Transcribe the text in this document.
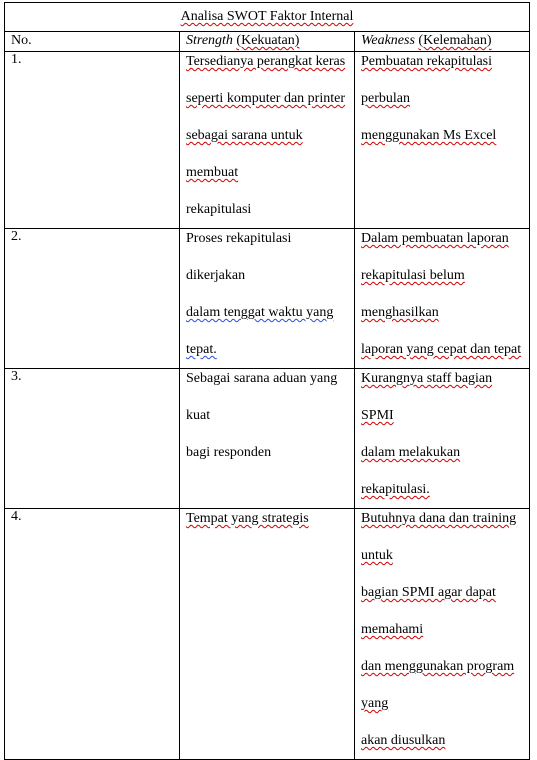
Analisa SWOT Faktor Internal		
No.	Strength (Kekuatan)	Weakness (Kelemahan)
1.	Tersedianya perangkat keras
seperti komputer dan printer
sebagai sarana untuk membuat
rekapitulasi	Pembuatan rekapitulasi perbulan
menggunakan Ms Excel

2.	Proses rekapitulasi dikerjakan
dalam tenggat waktu yang tepat.	Dalam pembuatan laporan
rekapitulasi belum menghasilkan
laporan yang cepat dan tepat

3.	Sebagai sarana aduan yang kuat
bagi responden	Kurangnya staff bagian SPMI
dalam melakukan rekapitulasi.

4.	Tempat yang strategis	Butuhnya dana dan training untuk
bagian SPMI agar dapat memahami
dan menggunakan program yang
akan diusulkan
